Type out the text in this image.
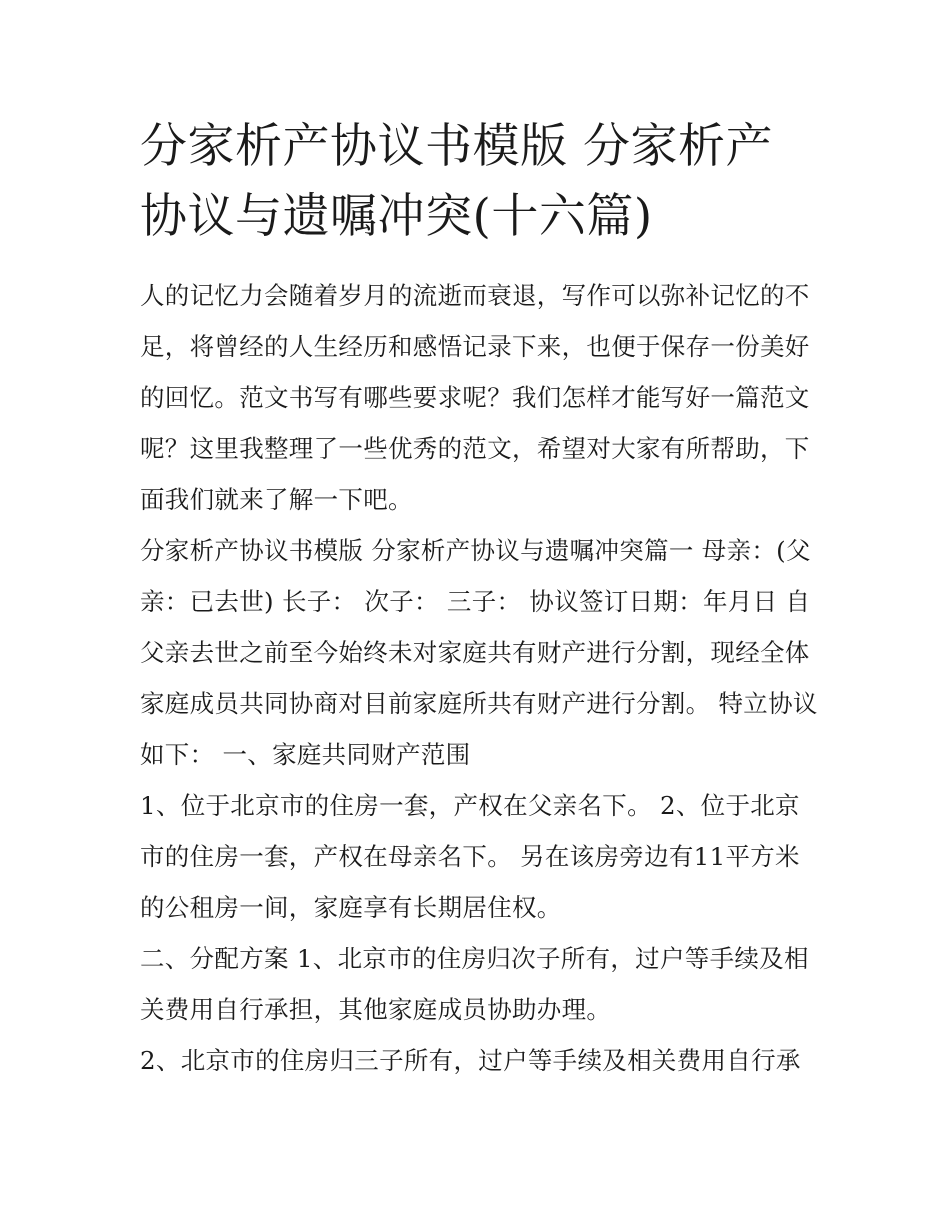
分家析产协议书模版 分家析产协议与遗嘱冲突(十六篇)

人的记忆力会随着岁月的流逝而衰退，写作可以弥补记忆的不足，将曾经的人生经历和感悟记录下来，也便于保存一份美好的回忆。范文书写有哪些要求呢？我们怎样才能写好一篇范文呢？这里我整理了一些优秀的范文，希望对大家有所帮助，下面我们就来了解一下吧。

分家析产协议书模版 分家析产协议与遗嘱冲突篇一 母亲：(父亲：已去世) 长子： 次子： 三子： 协议签订日期：年月日 自父亲去世之前至今始终未对家庭共有财产进行分割，现经全体家庭成员共同协商对目前家庭所共有财产进行分割。 特立协议如下： 一、家庭共同财产范围

1、位于北京市的住房一套，产权在父亲名下。 2、位于北京市的住房一套，产权在母亲名下。 另在该房旁边有11平方米的公租房一间，家庭享有长期居住权。

二、分配方案 1、北京市的住房归次子所有，过户等手续及相关费用自行承担，其他家庭成员协助办理。

2、北京市的住房归三子所有，过户等手续及相关费用自行承
